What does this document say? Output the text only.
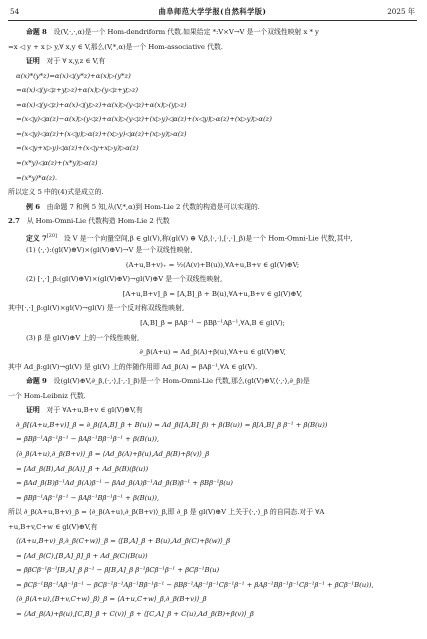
54	曲阜师范大学学报(自然科学版)	2025 年
命题 8  设(V,·,·,α)是一个 Hom-dendriform 代数.如果给定 *:V×V→V 是一个双线性映射 x * y
=x ◁ y + x ▷ y,∀ x,y ∈ V,那么(V,*,α)是一个 Hom-associative 代数.
证明  对于 ∀ x,y,z ∈ V,有
α(x)*(y*z)=α(x)◁(y*z)+α(x)▷(y*z)
=α(x)◁(y◁z+y▷z)+α(x)▷(y◁z+y▷z)
=α(x)◁(y◁z)+α(x)◁(y▷z)+α(x)▷(y◁z)+α(x)▷(y▷z)
=(x◁y)◁α(z)−α(x)▷(y◁z)+α(x)▷(y◁z)+(x▷y)◁α(z)+(x◁y)▷α(z)+(x▷y)▷α(z)
=(x◁y)◁α(z)+(x◁y)▷α(z)+(x▷y)◁α(z)+(x▷y)▷α(z)
=(x◁y+x▷y)◁α(z)+(x◁y+x▷y)▷α(z)
=(x*y)◁α(z)+(x*y)▷α(z)
=(x*y)*α(z).
所以定义 5 中的(4)式是成立的.
例 6  由命题 7 和例 5 知,从(V,*,α)到 Hom-Lie 2 代数的构造是可以实现的.
2.7  从 Hom-Omni-Lie 代数构造 Hom-Lie 2 代数
定义 7[20]  设 V 是一个向量空间,β ∈ gl(V),称(gl(V) ⊕ V,β,⟨·,·⟩,[·,·]_β)是一个 Hom-Omni-Lie 代数,其中,
(1) ⟨·,·⟩:(gl(V)⊕V)×(gl(V)⊕V)→V 是一个双线性映射,
(A+u,B+v)₊ = ½(A(v)+B(u)),∀A+u,B+v ∈ gl(V)⊕V;
(2) [·,·]_β:(gl(V)⊕V)×(gl(V)⊕V)→gl(V)⊕V 是一个双线性映射,
[A+u,B+v]_β = [A,B]_β + B(u),∀A+u,B+v ∈ gl(V)⊕V,
其中[·,·]_β:gl(V)×gl(V)→gl(V) 是一个反对称双线性映射,
[A,B]_β = βAβ⁻¹ − βBβ⁻¹Aβ⁻¹,∀A,B ∈ gl(V);
(3) β 是 gl(V)⊕V 上的一个线性映射,
∂_β(A+u) = Ad_β(A)+β(u),∀A+u ∈ gl(V)⊕V,
其中 Ad_β:gl(V)→gl(V) 是 gl(V) 上的伴随作用即 Ad_β(A) = βAβ⁻¹,∀A ∈ gl(V).
命题 9  设(gl(V)⊕V,∂_β,⟨·,·⟩,[·,·]_β)是一个 Hom-Omni-Lie 代数,那么(gl(V)⊕V,⟨·,·⟩,∂_β)是
一个 Hom-Leibniz 代数.
证明  对于 ∀A+u,B+v ∈ gl(V)⊕V,有
∂_β[(A+u,B+v)]_β = ∂_β([A,B]_β + B(u)) = Ad_β([A,B]_β) + β(B(u)) = β[A,B]_β β⁻¹ + β(B(u))
= βBβ⁻¹Aβ⁻¹β⁻¹ − βAβ⁻¹Bβ⁻¹β⁻¹ + β(B(u)),
⟨∂_β(A+u),∂_β(B+v)⟩_β = ⟨Ad_β(A)+β(u),Ad_β(B)+β(v)⟩_β
= [Ad_β(B),Ad_β(A)]_β + Ad_β(B)(β(u))
= βAd_β(B)β⁻¹Ad_β(A)β⁻¹ − βAd_β(A)β⁻¹Ad_β(B)β⁻¹ + βBβ⁻¹β(u)
= βBβ⁻¹Aβ⁻¹β⁻¹ − βAβ⁻¹Bβ⁻¹β⁻¹ + β(B(u)),
所以 ∂_β(A+u,B+v)_β = ⟨∂_β(A+u),∂_β(B+v)⟩_β,即 ∂_β 是 gl(V)⊕V 上关于⟨·,·⟩_β 的自同态.对于 ∀A
+u,B+v,C+w ∈ gl(V)⊕V,有
⟨(A+u,B+v)_β,∂_β(C+w)⟩_β = ⟨[B,A]_β + B(u),Ad_β(C)+β(w)⟩_β
= [Ad_β(C),[B,A]_β]_β + Ad_β(C)(B(u))
= ββCβ⁻¹β⁻¹[B,A]_β β⁻¹ − β[B,A]_β β⁻¹βCβ⁻¹β⁻¹ + βCβ⁻¹B(u)
= βCβ⁻¹Bβ⁻¹Aβ⁻¹β⁻¹ − βCβ⁻¹β⁻¹Aβ⁻¹Bβ⁻¹β⁻¹ − βBβ⁻¹Aβ⁻¹β⁻¹Cβ⁻¹β⁻¹ + βAβ⁻¹Bβ⁻¹β⁻¹Cβ⁻¹β⁻¹ + βCβ⁻¹B(u)),
⟨∂_β(A+u),⟨B+v,C+w⟩_β⟩_β = ⟨A+u,C+w⟩_β,∂_β(B+v)⟩_β
= ⟨Ad_β(A)+β(u),[C,B]_β + C(v)⟩_β + ⟨[C,A]_β + C(u),Ad_β(B)+β(v)⟩_β
